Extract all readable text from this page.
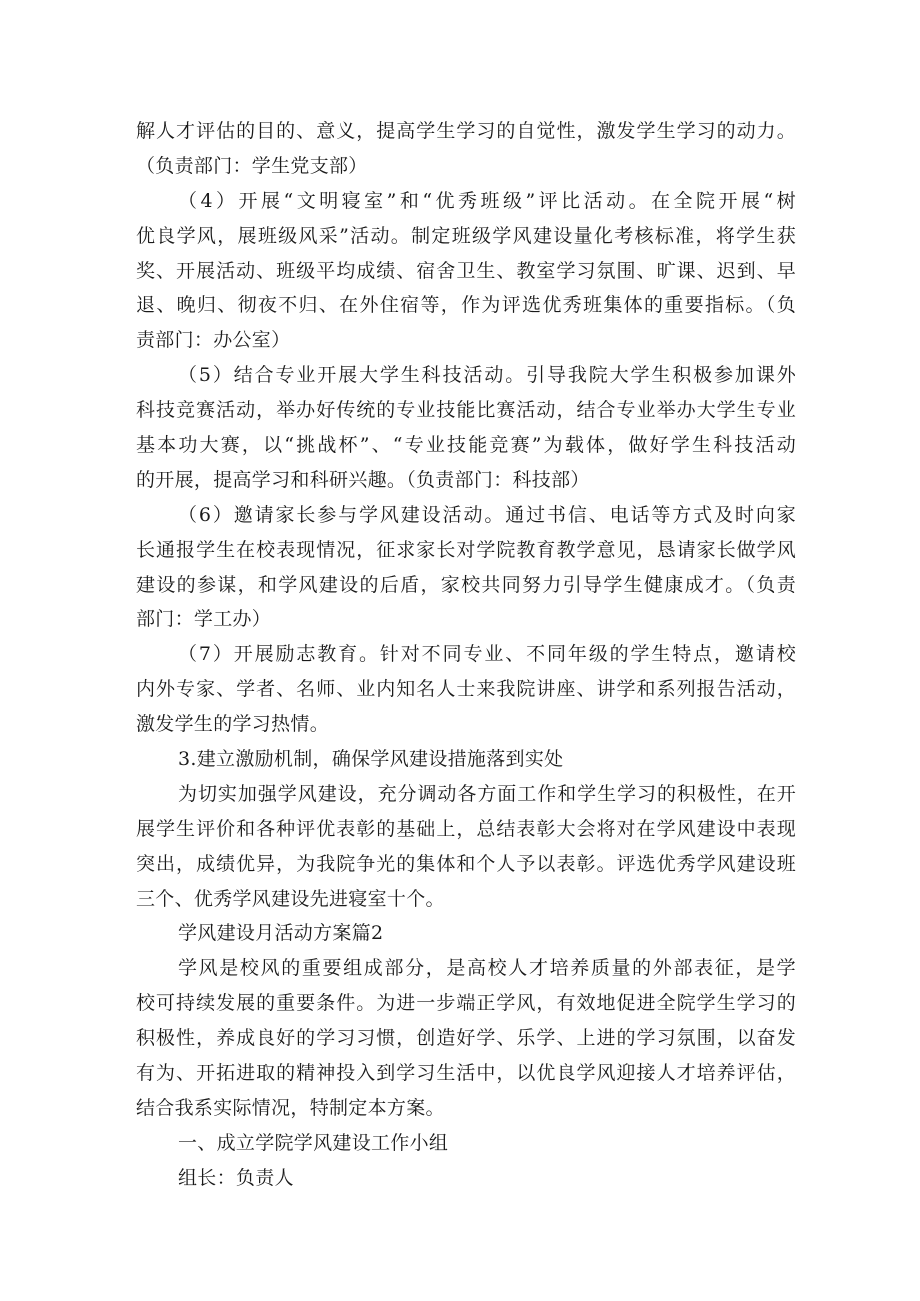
解人才评估的目的、意义，提高学生学习的自觉性，激发学生学习的动力。
（负责部门：学生党支部）
（4）开展“文明寝室”和“优秀班级”评比活动。在全院开展“树
优良学风，展班级风采”活动。制定班级学风建设量化考核标准，将学生获
奖、开展活动、班级平均成绩、宿舍卫生、教室学习氛围、旷课、迟到、早
退、晚归、彻夜不归、在外住宿等，作为评选优秀班集体的重要指标。（负
责部门：办公室）
（5）结合专业开展大学生科技活动。引导我院大学生积极参加课外
科技竞赛活动，举办好传统的专业技能比赛活动，结合专业举办大学生专业
基本功大赛，以“挑战杯”、“专业技能竞赛”为载体，做好学生科技活动
的开展，提高学习和科研兴趣。（负责部门：科技部）
（6）邀请家长参与学风建设活动。通过书信、电话等方式及时向家
长通报学生在校表现情况，征求家长对学院教育教学意见，恳请家长做学风
建设的参谋，和学风建设的后盾，家校共同努力引导学生健康成才。（负责
部门：学工办）
（7）开展励志教育。针对不同专业、不同年级的学生特点，邀请校
内外专家、学者、名师、业内知名人士来我院讲座、讲学和系列报告活动，
激发学生的学习热情。
3.建立激励机制，确保学风建设措施落到实处
为切实加强学风建设，充分调动各方面工作和学生学习的积极性，在开
展学生评价和各种评优表彰的基础上，总结表彰大会将对在学风建设中表现
突出，成绩优异，为我院争光的集体和个人予以表彰。评选优秀学风建设班
三个、优秀学风建设先进寝室十个。
学风建设月活动方案篇2
学风是校风的重要组成部分，是高校人才培养质量的外部表征，是学
校可持续发展的重要条件。为进一步端正学风，有效地促进全院学生学习的
积极性，养成良好的学习习惯，创造好学、乐学、上进的学习氛围，以奋发
有为、开拓进取的精神投入到学习生活中，以优良学风迎接人才培养评估，
结合我系实际情况，特制定本方案。
一、成立学院学风建设工作小组
组长：负责人
